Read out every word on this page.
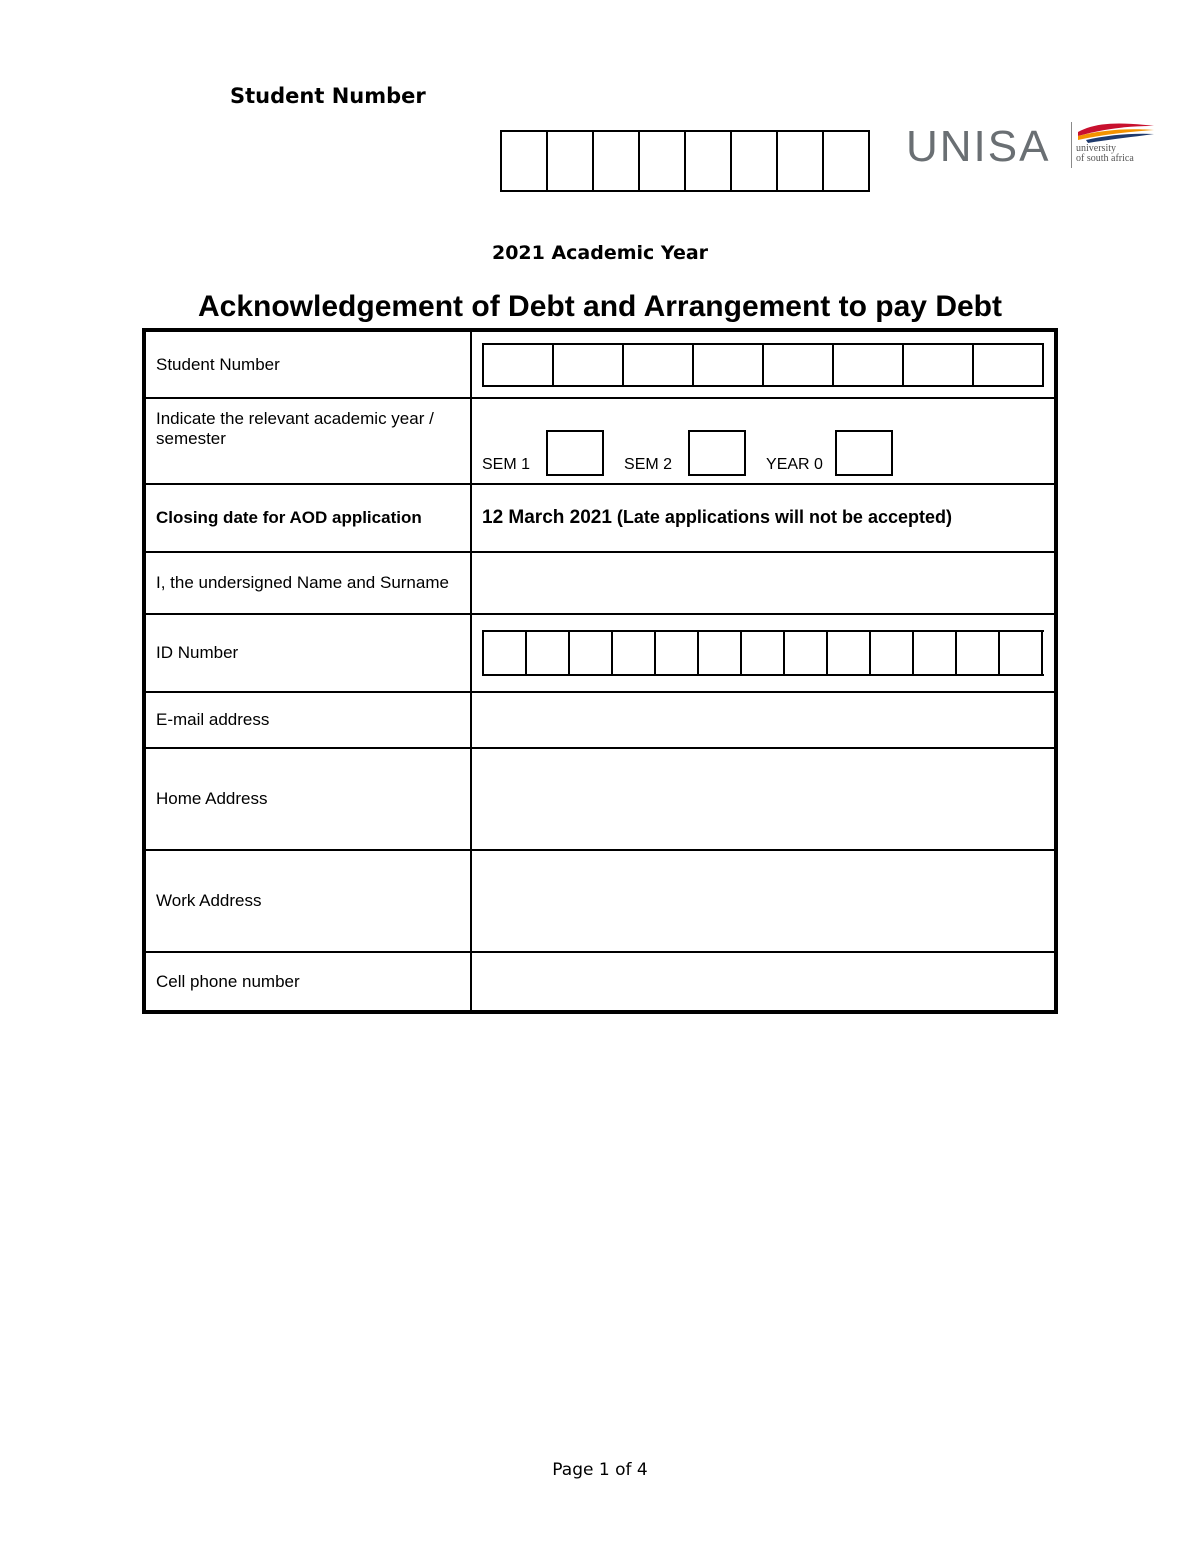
Student Number
UNISA	university
of south africa
2021 Academic Year
Acknowledgement of Debt and Arrangement to pay Debt
Student Number	

Indicate the relevant academic year / semester	SEM 1 SEM 2 YEAR 0

Closing date for AOD application	12 March 2021 (Late applications will not be accepted)
I, the undersigned Name and Surname	
ID Number	

E-mail address	
Home Address	
Work Address	
Cell phone number	
Page 1 of 4
